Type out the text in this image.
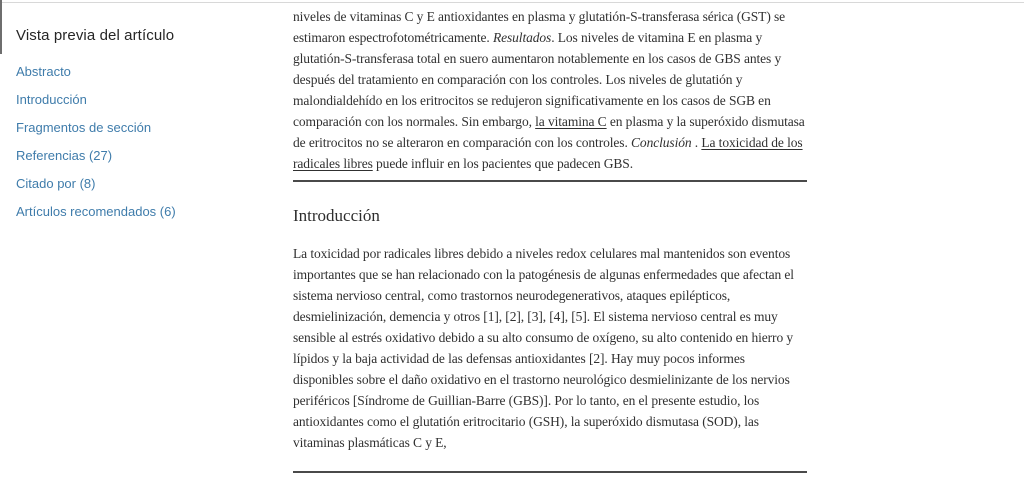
Vista previa del artículo
Abstracto
Introducción
Fragmentos de sección
Referencias (27)
Citado por (8)
Artículos recomendados (6)

niveles de vitaminas C y E antioxidantes en plasma y glutatión-S-transferasa sérica (GST) se estimaron espectrofotométricamente. Resultados. Los niveles de vitamina E en plasma y glutatión-S-transferasa total en suero aumentaron notablemente en los casos de GBS antes y después del tratamiento en comparación con los controles. Los niveles de glutatión y malondialdehído en los eritrocitos se redujeron significativamente en los casos de SGB en comparación con los normales. Sin embargo, la vitamina C en plasma y la superóxido dismutasa de eritrocitos no se alteraron en comparación con los controles. Conclusión . La toxicidad de los radicales libres puede influir en los pacientes que padecen GBS.

Introducción

La toxicidad por radicales libres debido a niveles redox celulares mal mantenidos son eventos importantes que se han relacionado con la patogénesis de algunas enfermedades que afectan el sistema nervioso central, como trastornos neurodegenerativos, ataques epilépticos, desmielinización, demencia y otros [1], [2], [3], [4], [5]. El sistema nervioso central es muy sensible al estrés oxidativo debido a su alto consumo de oxígeno, su alto contenido en hierro y lípidos y la baja actividad de las defensas antioxidantes [2]. Hay muy pocos informes disponibles sobre el daño oxidativo en el trastorno neurológico desmielinizante de los nervios periféricos [Síndrome de Guillian-Barre (GBS)]. Por lo tanto, en el presente estudio, los antioxidantes como el glutatión eritrocitario (GSH), la superóxido dismutasa (SOD), las vitaminas plasmáticas C y E,
